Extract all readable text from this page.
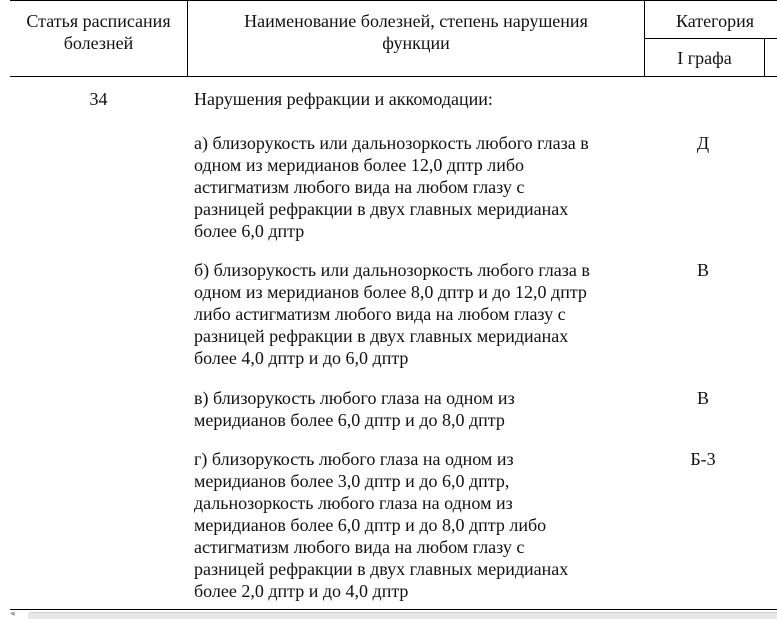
Статья расписания
болезней
Наименование болезней, степень нарушения
функции
Категория
I графа
34	Нарушения рефракции и аккомодации:
а) близорукость или дальнозоркость любого глаза в
одном из меридианов более 12,0 дптр либо
астигматизм любого вида на любом глазу с
разницей рефракции в двух главных меридианах
более 6,0 дптр
Д
б) близорукость или дальнозоркость любого глаза в
одном из меридианов более 8,0 дптр и до 12,0 дптр
либо астигматизм любого вида на любом глазу с
разницей рефракции в двух главных меридианах
более 4,0 дптр и до 6,0 дптр
В
в) близорукость любого глаза на одном из
меридианов более 6,0 дптр и до 8,0 дптр
В
г) близорукость любого глаза на одном из
меридианов более 3,0 дптр и до 6,0 дптр,
дальнозоркость любого глаза на одном из
меридианов более 6,0 дптр и до 8,0 дптр либо
астигматизм любого вида на любом глазу с
разницей рефракции в двух главных меридианах
более 2,0 дптр и до 4,0 дптр
Б-3
◂
